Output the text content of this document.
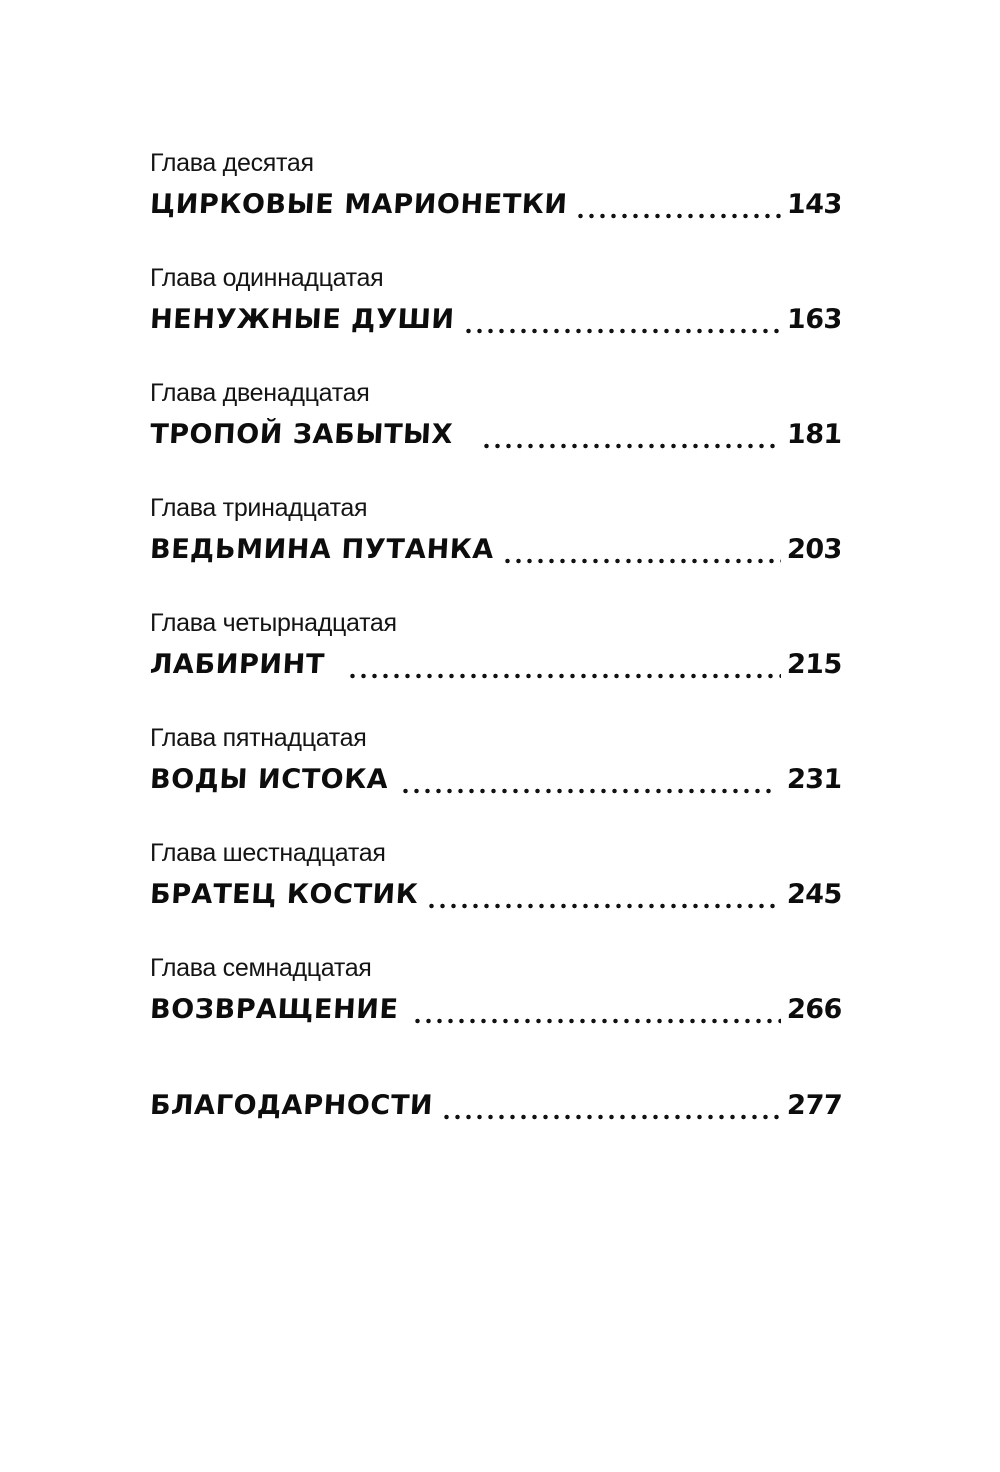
Глава десятая
ЦИРКОВЫЕ МАРИОНЕТКИ	143
Глава одиннадцатая
НЕНУЖНЫЕ ДУШИ	163
Глава двенадцатая
ТРОПОЙ ЗАБЫТЫХ	181
Глава тринадцатая
ВЕДЬМИНА ПУТАНКА	203
Глава четырнадцатая
ЛАБИРИНТ	215
Глава пятнадцатая
ВОДЫ ИСТОКА	231
Глава шестнадцатая
БРАТЕЦ КОСТИК	245
Глава семнадцатая
ВОЗВРАЩЕНИЕ	266
БЛАГОДАРНОСТИ	277
